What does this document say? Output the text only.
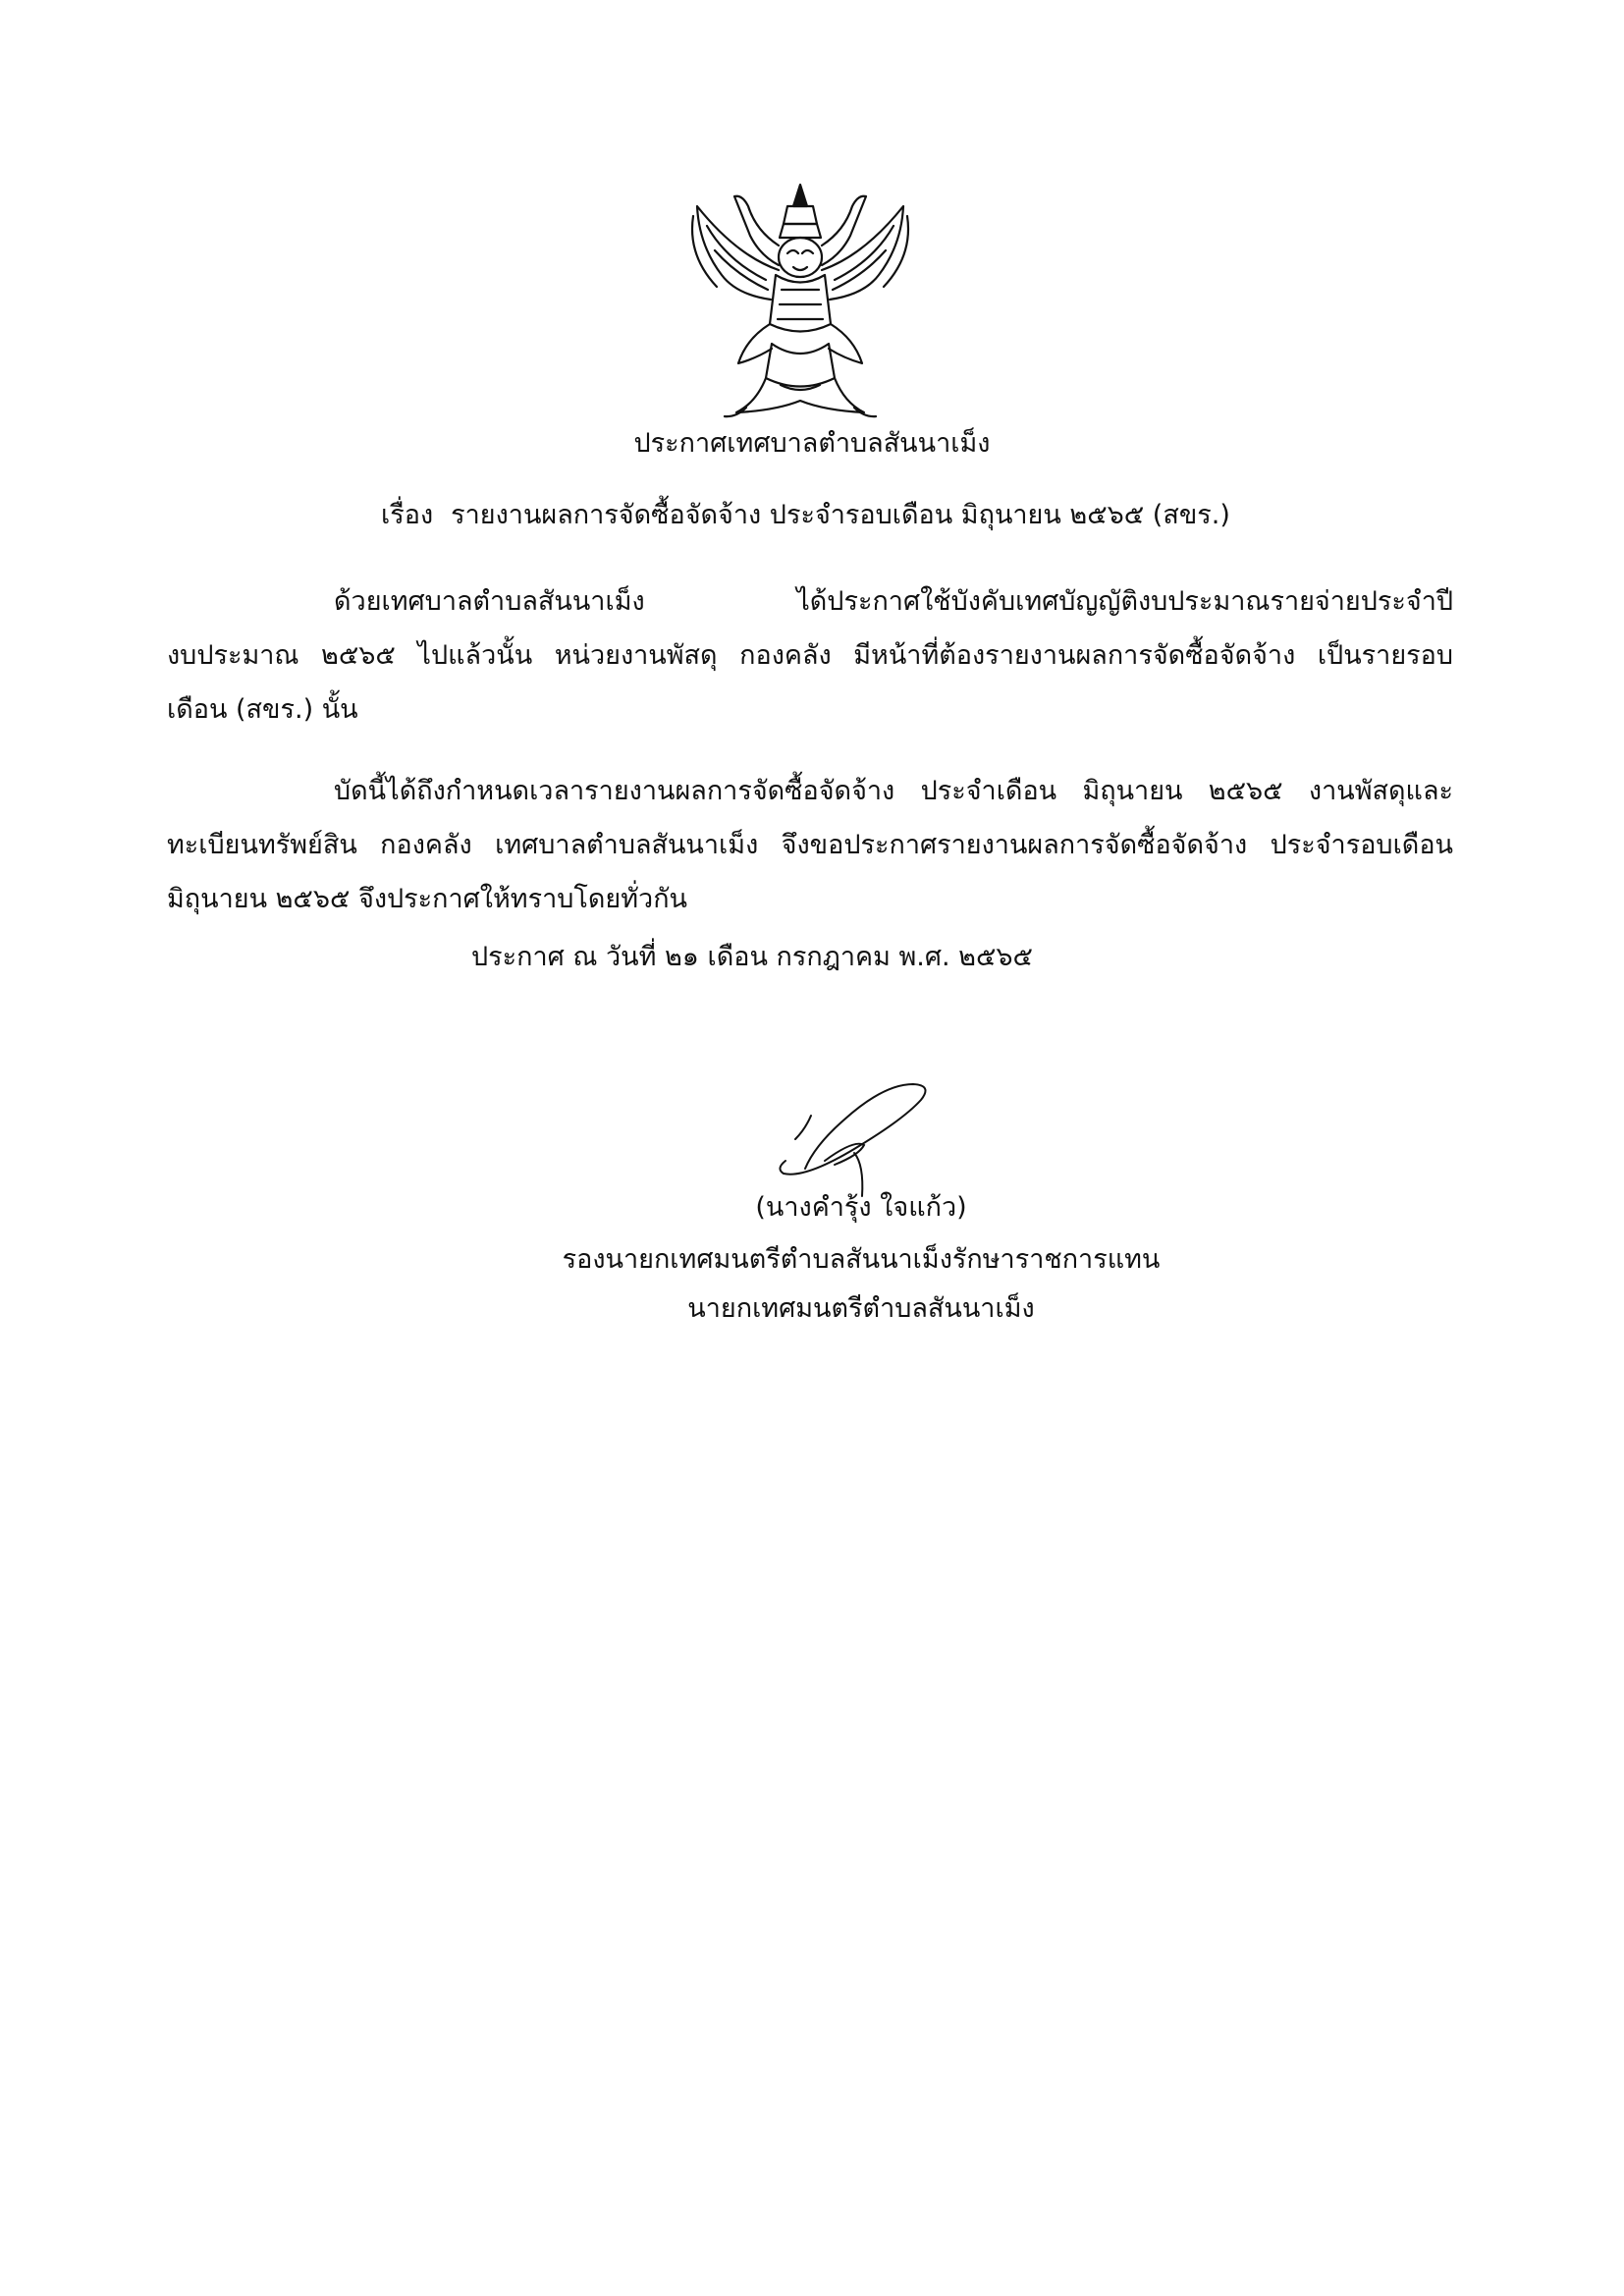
ประกาศเทศบาลตำบลสันนาเม็ง
เรื่อง รายงานผลการจัดซื้อจัดจ้าง ประจำรอบเดือน มิถุนายน ๒๕๖๕ (สขร.)
ด้วยเทศบาลตำบลสันนาเม็ง ได้ประกาศใช้บังคับเทศบัญญัติงบประมาณรายจ่ายประจำปี
งบประมาณ ๒๕๖๕ ไปแล้วนั้น หน่วยงานพัสดุ กองคลัง มีหน้าที่ต้องรายงานผลการจัดซื้อจัดจ้าง เป็นรายรอบ
เดือน (สขร.) นั้น
บัดนี้ได้ถึงกำหนดเวลารายงานผลการจัดซื้อจัดจ้าง ประจำเดือน มิถุนายน ๒๕๖๕ งานพัสดุและ
ทะเบียนทรัพย์สิน กองคลัง เทศบาลตำบลสันนาเม็ง จึงขอประกาศรายงานผลการจัดซื้อจัดจ้าง ประจำรอบเดือน
มิถุนายน ๒๕๖๕ จึงประกาศให้ทราบโดยทั่วกัน
ประกาศ ณ วันที่ ๒๑ เดือน กรกฎาคม พ.ศ. ๒๕๖๕
(นางคำรุ้ง ใจแก้ว)
รองนายกเทศมนตรีตำบลสันนาเม็งรักษาราชการแทน
นายกเทศมนตรีตำบลสันนาเม็ง
